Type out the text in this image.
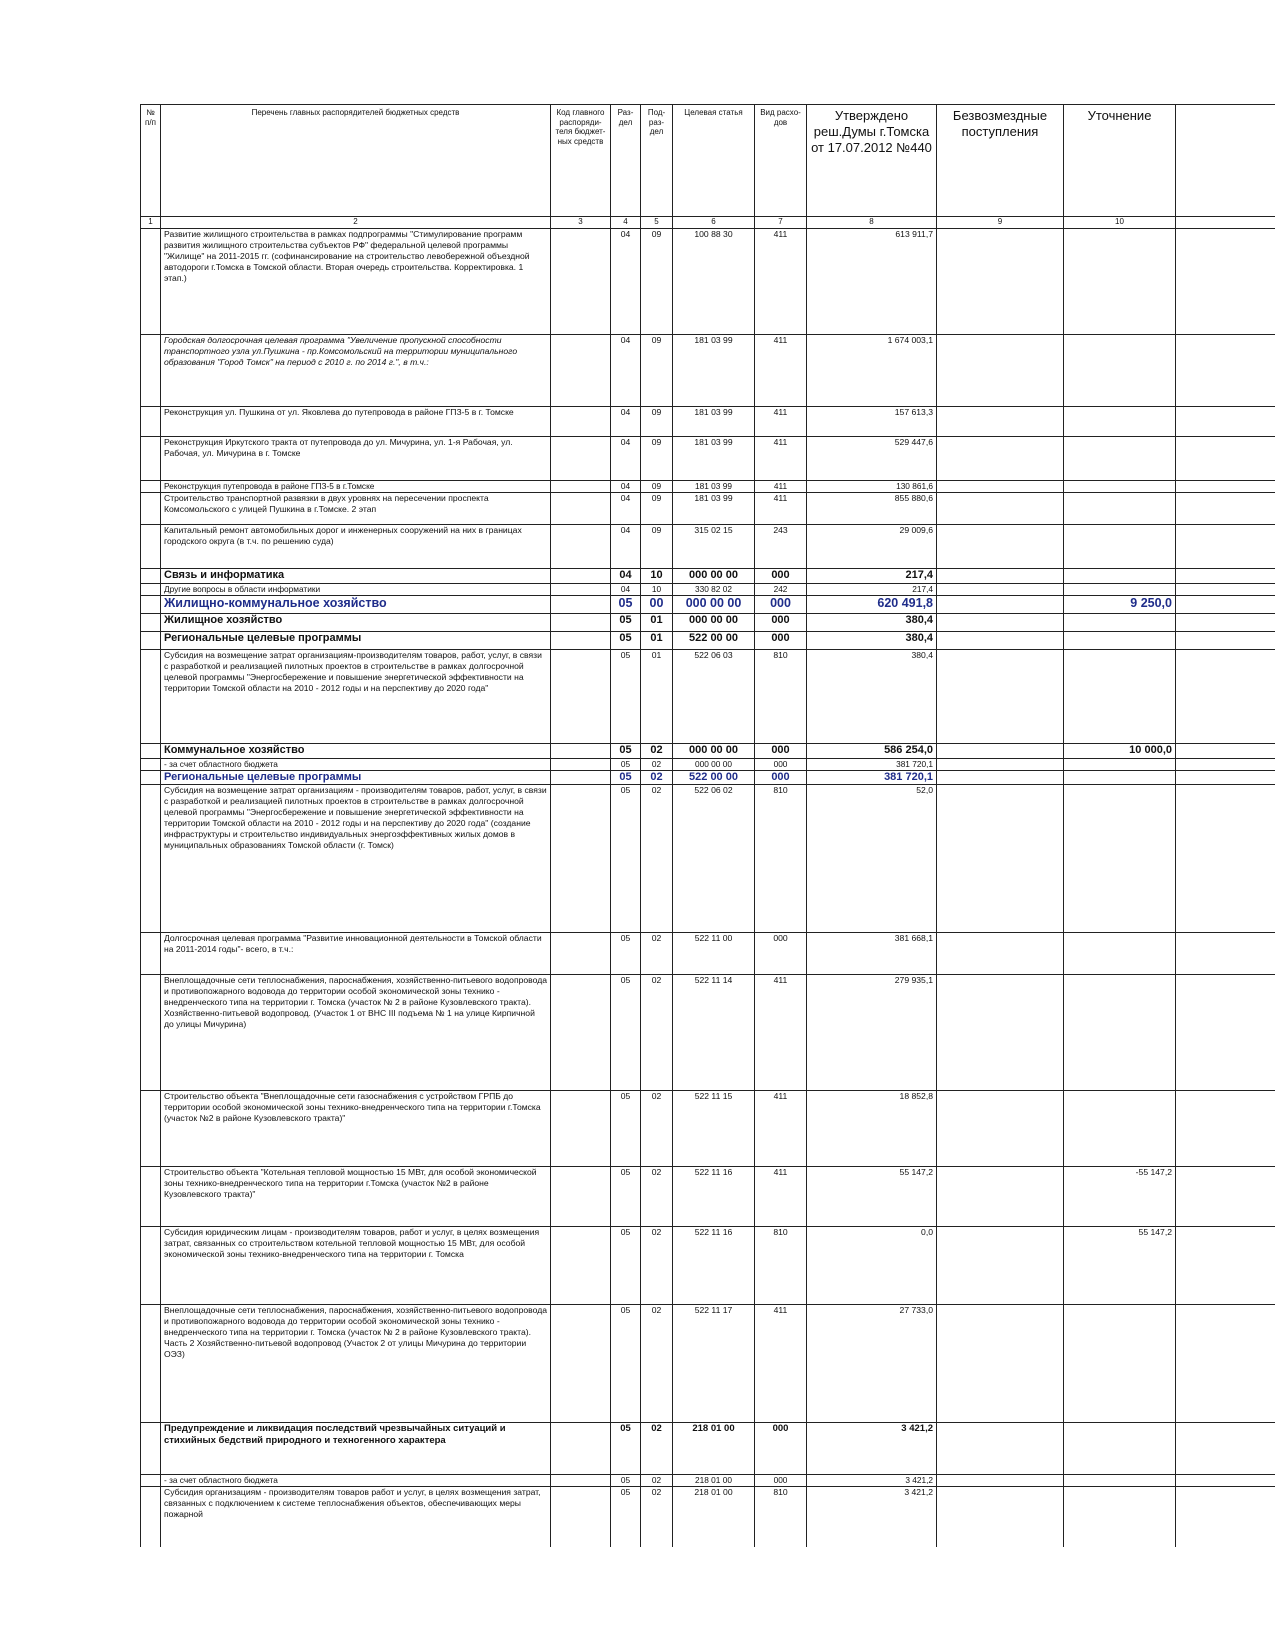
№ п/п	Перечень главных распорядителей бюджетных средств	Код главного распоряди-теля бюджет-ных средств	Раз-дел	Под-раз-дел	Целевая статья	Вид расхо-дов	Утверждено реш.Думы г.Томска от 17.07.2012 №440	Безвозмездные поступления	Уточнение	
1	2	3	4	5	6	7	8	9	10	
	Развитие жилищного строительства в рамках подпрограммы "Стимулирование программ развития жилищного строительства субъектов РФ" федеральной целевой программы "Жилище" на 2011-2015 гг. (софинансирование на строительство левобережной объездной автодороги г.Томска в Томской области. Вторая очередь строительства. Корректировка. 1 этап.)		04	09	100 88 30	411	613 911,7			
	Городская долгосрочная целевая программа "Увеличение пропускной способности транспортного узла ул.Пушкина - пр.Комсомольский на территории муниципального образования "Город Томск" на период с 2010 г. по 2014 г.", в т.ч.:		04	09	181 03 99	411	1 674 003,1			
	Реконструкция ул. Пушкина от ул. Яковлева до путепровода в районе ГПЗ-5 в г. Томске		04	09	181 03 99	411	157 613,3			
	Реконструкция Иркутского тракта от путепровода до ул. Мичурина, ул. 1-я Рабочая, ул. Рабочая, ул. Мичурина в г. Томске		04	09	181 03 99	411	529 447,6			
	Реконструкция путепровода в районе ГПЗ-5 в г.Томске		04	09	181 03 99	411	130 861,6			
	Строительство транспортной развязки в двух уровнях на пересечении проспекта Комсомольского с улицей Пушкина в г.Томске. 2 этап		04	09	181 03 99	411	855 880,6			
	Капитальный ремонт автомобильных дорог и инженерных сооружений на них в границах городского округа (в т.ч. по решению суда)		04	09	315 02 15	243	29 009,6			
	Связь и информатика		04	10	000 00 00	000	217,4			
	Другие вопросы в области информатики		04	10	330 82 02	242	217,4			
	Жилищно-коммунальное хозяйство		05	00	000 00 00	000	620 491,8		9 250,0	
	Жилищное хозяйство		05	01	000 00 00	000	380,4			
	Региональные целевые программы		05	01	522 00 00	000	380,4			
	Субсидия на возмещение затрат организациям-производителям товаров, работ, услуг, в связи с разработкой и реализацией пилотных проектов в строительстве в рамках долгосрочной целевой программы "Энергосбережение и повышение энергетической эффективности на территории Томской области на 2010 - 2012 годы и на перспективу до 2020 года"		05	01	522 06 03	810	380,4			
	Коммунальное хозяйство		05	02	000 00 00	000	586 254,0		10 000,0	
	- за счет областного бюджета		05	02	000 00 00	000	381 720,1			
	Региональные целевые программы		05	02	522 00 00	000	381 720,1			
	Субсидия на возмещение затрат организациям - производителям товаров, работ, услуг, в связи с разработкой и реализацией пилотных проектов в строительстве в рамках долгосрочной целевой программы "Энергосбережение и повышение энергетической эффективности на территории Томской области на 2010 - 2012 годы и на перспективу до 2020 года" (создание инфраструктуры и строительство индивидуальных энергоэффективных жилых домов в муниципальных образованиях Томской области (г. Томск)		05	02	522 06 02	810	52,0			
	Долгосрочная целевая программа "Развитие инновационной деятельности в Томской области на 2011-2014 годы"- всего, в т.ч.:		05	02	522 11 00	000	381 668,1			
	Внеплощадочные сети теплоснабжения, пароснабжения, хозяйственно-питьевого водопровода и противопожарного водовода до территории особой экономической зоны технико - внедренческого типа на территории г. Томска (участок № 2 в районе Кузовлевского тракта). Хозяйственно-питьевой водопровод. (Участок 1 от ВНС III подъема № 1 на улице Кирпичной до улицы Мичурина)		05	02	522 11 14	411	279 935,1			
	Строительство объекта "Внеплощадочные сети газоснабжения с устройством ГРПБ до территории особой экономической зоны технико-внедренческого типа на территории г.Томска (участок №2 в районе Кузовлевского тракта)"		05	02	522 11 15	411	18 852,8			
	Строительство объекта "Котельная тепловой мощностью 15 МВт, для особой экономической зоны технико-внедренческого типа на территории г.Томска (участок №2 в районе Кузовлевского тракта)"		05	02	522 11 16	411	55 147,2		-55 147,2	
	Субсидия юридическим лицам - производителям товаров, работ и услуг, в целях возмещения затрат, связанных со строительством котельной тепловой мощностью 15 МВт, для особой экономической зоны технико-внедренческого типа на территории г. Томска		05	02	522 11 16	810	0,0		55 147,2	
	Внеплощадочные сети теплоснабжения, пароснабжения, хозяйственно-питьевого водопровода и противопожарного водовода до территории особой экономической зоны технико - внедренческого типа на территории г. Томска (участок № 2 в районе Кузовлевского тракта). Часть 2 Хозяйственно-питьевой водопровод (Участок 2 от улицы Мичурина до территории ОЭЗ)		05	02	522 11 17	411	27 733,0			
	Предупреждение и ликвидация последствий чрезвычайных ситуаций и стихийных бедствий природного и техногенного характера		05	02	218 01 00	000	3 421,2			
	- за счет областного бюджета		05	02	218 01 00	000	3 421,2			
	Субсидия организациям - производителям товаров работ и услуг, в целях возмещения затрат, связанных с подключением к системе теплоснабжения объектов, обеспечивающих меры пожарной		05	02	218 01 00	810	3 421,2			
